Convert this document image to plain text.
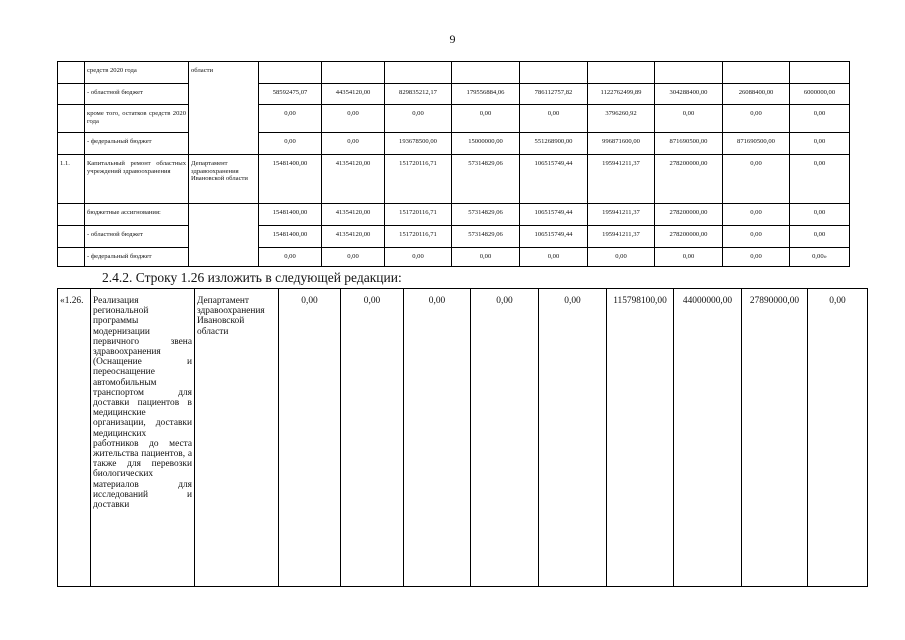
9
	средств 2020 года	области									
	- областной бюджет		58592475,07	44354120,00	829835212,17	179556884,06	786112757,82	1122762499,89	304288400,00	26088400,00	6000000,00
	кроме того, остатков средств 2020 года		0,00	0,00	0,00	0,00	0,00	3796260,92	0,00	0,00	0,00
	- федеральный бюджет		0,00	0,00	193678500,00	15000000,00	551268900,00	996871600,00	871690500,00	871690500,00	0,00
1.1.	Капитальный ремонт областных учреждений здравоохранения	Департамент здравоохранения Ивановской области	15481400,00	41354120,00	151720116,71	57314829,06	106515749,44	195941211,37	278200000,00	0,00	0,00
	бюджетные ассигнования:		15481400,00	41354120,00	151720116,71	57314829,06	106515749,44	195941211,37	278200000,00	0,00	0,00
	- областной бюджет		15481400,00	41354120,00	151720116,71	57314829,06	106515749,44	195941211,37	278200000,00	0,00	0,00
	- федеральный бюджет		0,00	0,00	0,00	0,00	0,00	0,00	0,00	0,00	0,00»
2.4.2. Строку 1.26 изложить в следующей редакции:
«1.26.	Реализация региональной программы модернизации первичного звена здравоохранения (Оснащение и переоснащение автомобильным транспортом для доставки пациентов в медицинские организации, доставки медицинских работников до места жительства пациентов, а также для перевозки биологических материалов для исследований и доставки	Департамент здравоохранения Ивановской области	0,00	0,00	0,00	0,00	0,00	115798100,00	44000000,00	27890000,00	0,00
